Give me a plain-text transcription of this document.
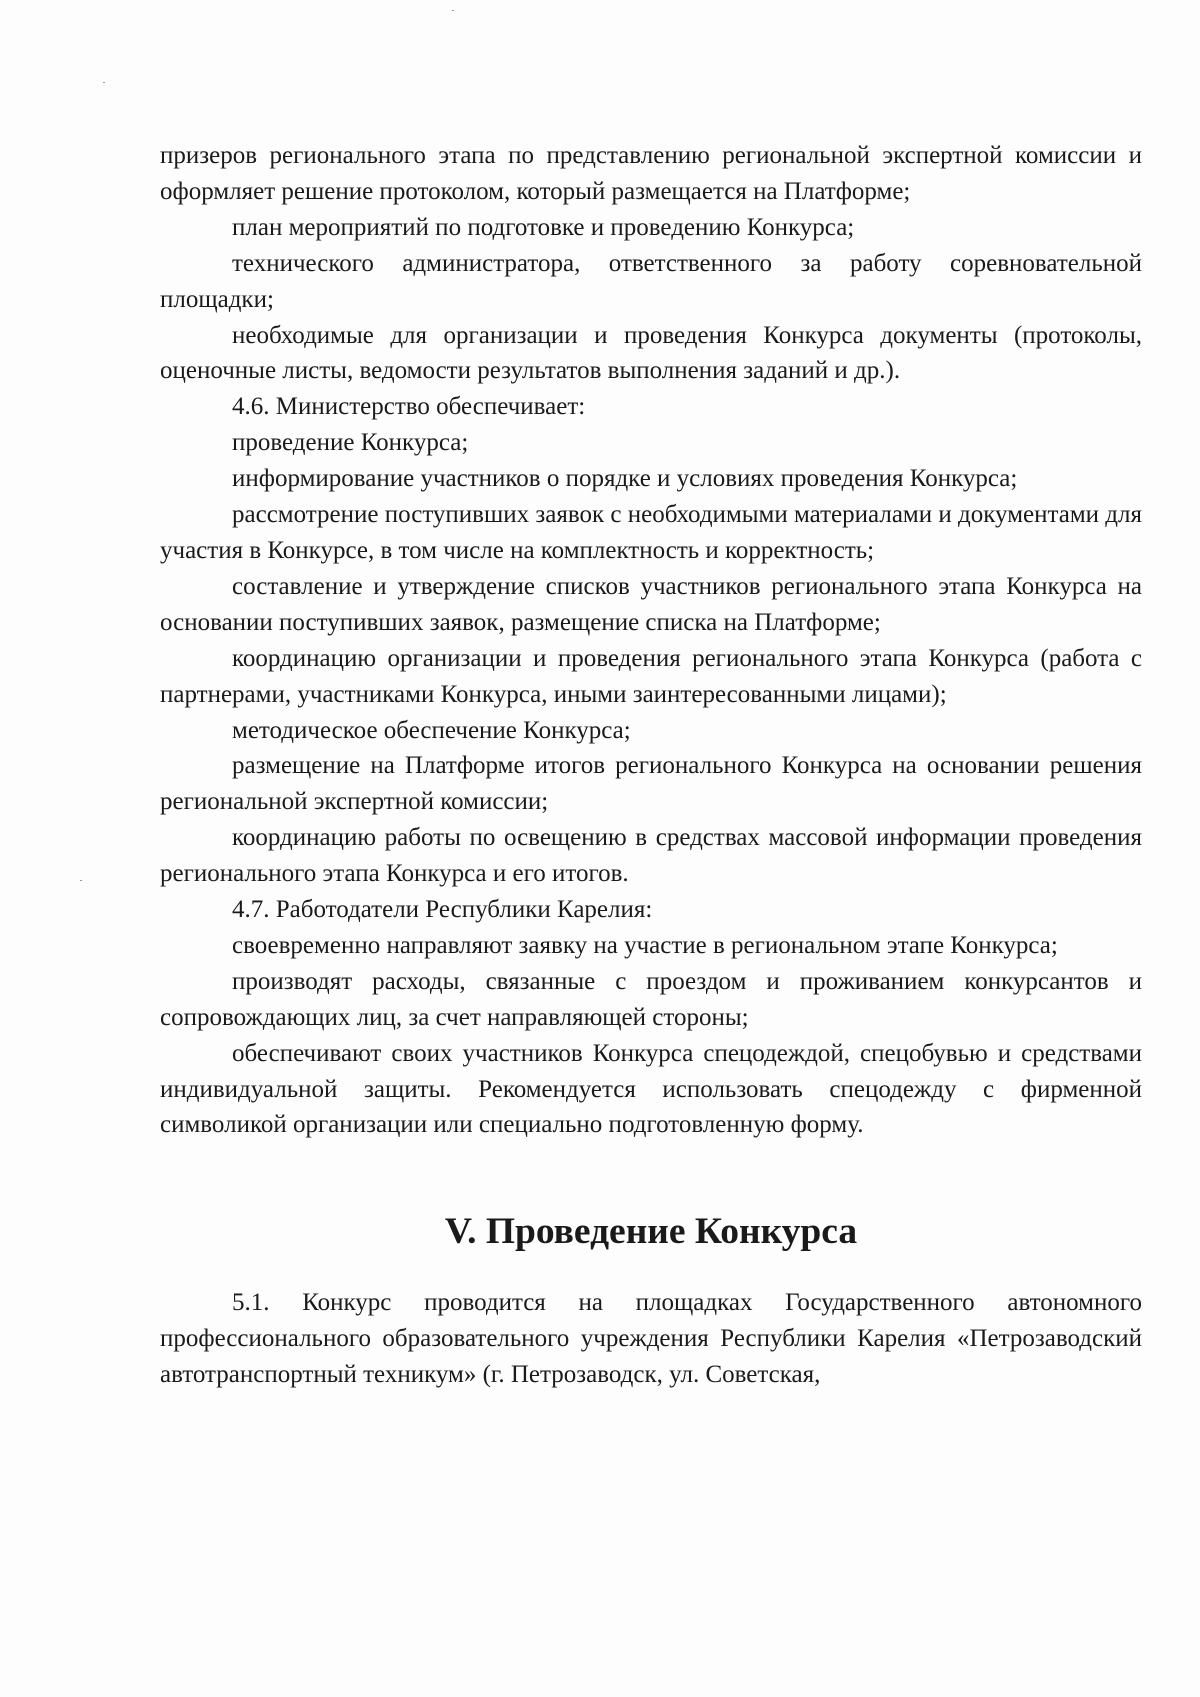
призеров регионального этапа по представлению региональной экспертной комиссии и оформляет решение протоколом, который размещается на Платформе;

план мероприятий по подготовке и проведению Конкурса;

технического администратора, ответственного за работу соревновательной площадки;

необходимые для организации и проведения Конкурса документы (протоколы, оценочные листы, ведомости результатов выполнения заданий и др.).

4.6. Министерство обеспечивает:

проведение Конкурса;

информирование участников о порядке и условиях проведения Конкурса;

рассмотрение поступивших заявок с необходимыми материалами и документами для участия в Конкурсе, в том числе на комплектность и корректность;

составление и утверждение списков участников регионального этапа Конкурса на основании поступивших заявок, размещение списка на Платформе;

координацию организации и проведения регионального этапа Конкурса (работа с партнерами, участниками Конкурса, иными заинтересованными лицами);

методическое обеспечение Конкурса;

размещение на Платформе итогов регионального Конкурса на основании решения региональной экспертной комиссии;

координацию работы по освещению в средствах массовой информации проведения регионального этапа Конкурса и его итогов.

4.7. Работодатели Республики Карелия:

своевременно направляют заявку на участие в региональном этапе Конкурса;

производят расходы, связанные с проездом и проживанием конкурсантов и сопровождающих лиц, за счет направляющей стороны;

обеспечивают своих участников Конкурса спецодеждой, спецобувью и средствами индивидуальной защиты. Рекомендуется использовать спецодежду с фирменной символикой организации или специально подготовленную форму.

V. Проведение Конкурса

5.1. Конкурс проводится на площадках Государственного автономного профессионального образовательного учреждения Республики Карелия «Петрозаводский автотранспортный техникум» (г. Петрозаводск, ул. Советская,
